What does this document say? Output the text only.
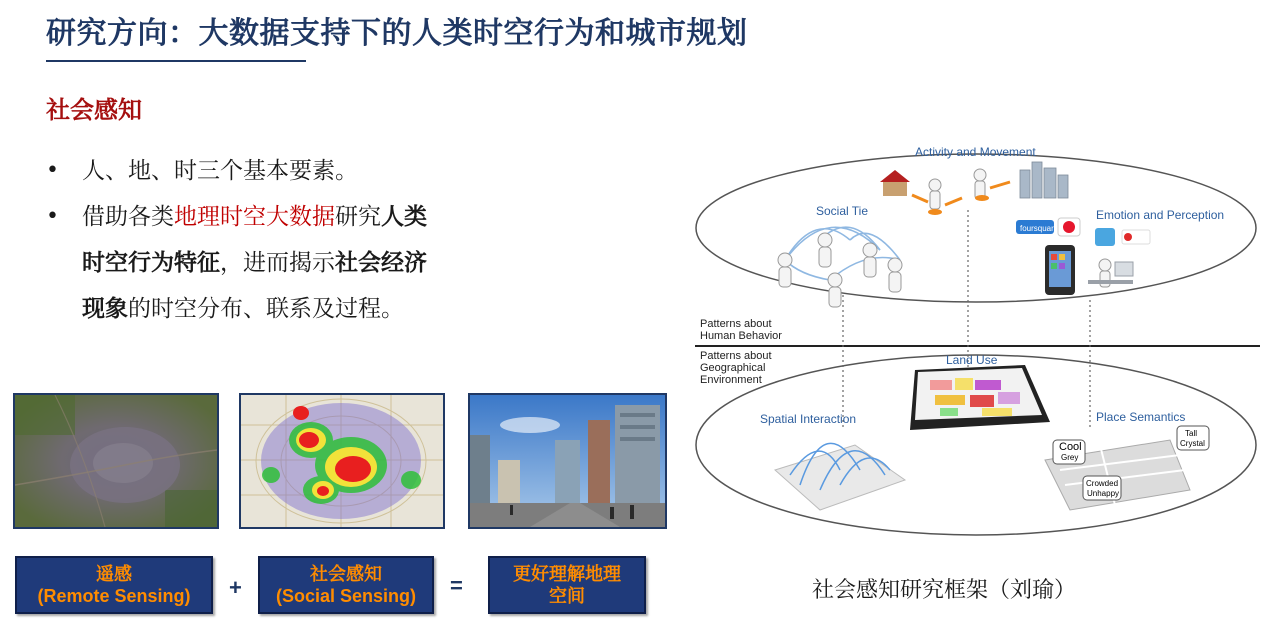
研究方向：大数据支持下的人类时空行为和城市规划
社会感知
• 人、地、时三个基本要素。
• 借助各类地理时空大数据研究人类
时空行为特征，进而揭示社会经济
现象的时空分布、联系及过程。
遥感
(Remote Sensing) +
社会感知
(Social Sensing) =	更好理解地理
空间
foursquare
Cool
Grey
Tall
Crystal
Crowded
Unhappy
Activity and Movement
Social Tie	Emotion and Perception
Patterns about
Human Behavior
Patterns about
Geographical
Environment
Land Use
Spatial Interaction	Place Semantics
社会感知研究框架（刘瑜）
